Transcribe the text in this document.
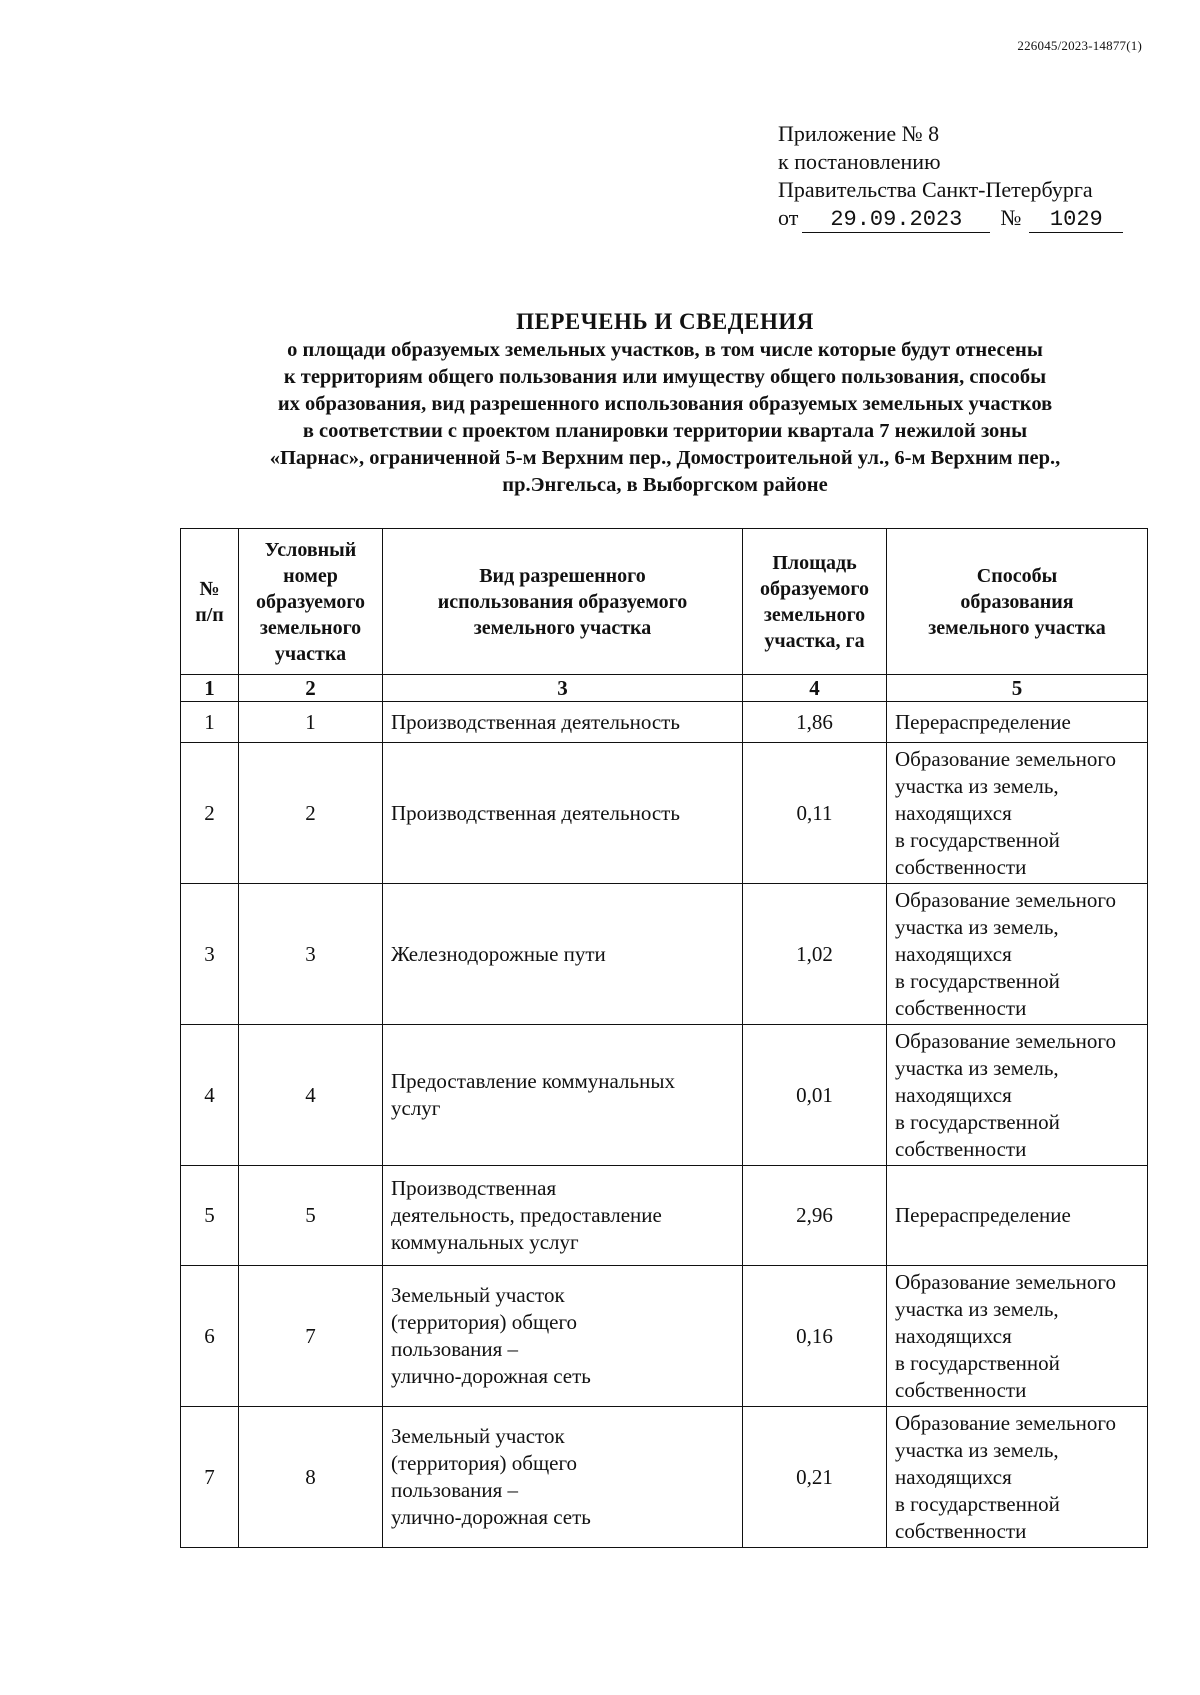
226045/2023-14877(1)
Приложение № 8
к постановлению
Правительства Санкт-Петербурга
от 29.09.2023 № 1029
ПЕРЕЧЕНЬ И СВЕДЕНИЯ
о площади образуемых земельных участков, в том числе которые будут отнесены
к территориям общего пользования или имуществу общего пользования, способы
их образования, вид разрешенного использования образуемых земельных участков
в соответствии с проектом планировки территории квартала 7 нежилой зоны
«Парнас», ограниченной 5-м Верхним пер., Домостроительной ул., 6-м Верхним пер.,
пр.Энгельса, в Выборгском районе
№
п/п	Условный
номер
образуемого
земельного
участка	Вид разрешенного
использования образуемого
земельного участка	Площадь
образуемого
земельного
участка, га	Способы
образования
земельного участка

1	2	3	4	5
1	1	Производственная деятельность	1,86	Перераспределение

2	2	Производственная деятельность	0,11	Образование земельного
участка из земель,
находящихся
в государственной
собственности

3	3	Железнодорожные пути	1,02	Образование земельного
участка из земель,
находящихся
в государственной
собственности

4	4	Предоставление коммунальных
услуг	0,01	Образование земельного
участка из земель,
находящихся
в государственной
собственности

5	5	Производственная
деятельность, предоставление
коммунальных услуг	2,96	Перераспределение

6	7	Земельный участок
(территория) общего
пользования –
улично-дорожная сеть	0,16	Образование земельного
участка из земель,
находящихся
в государственной
собственности

7	8	Земельный участок
(территория) общего
пользования –
улично-дорожная сеть	0,21	Образование земельного
участка из земель,
находящихся
в государственной
собственности
